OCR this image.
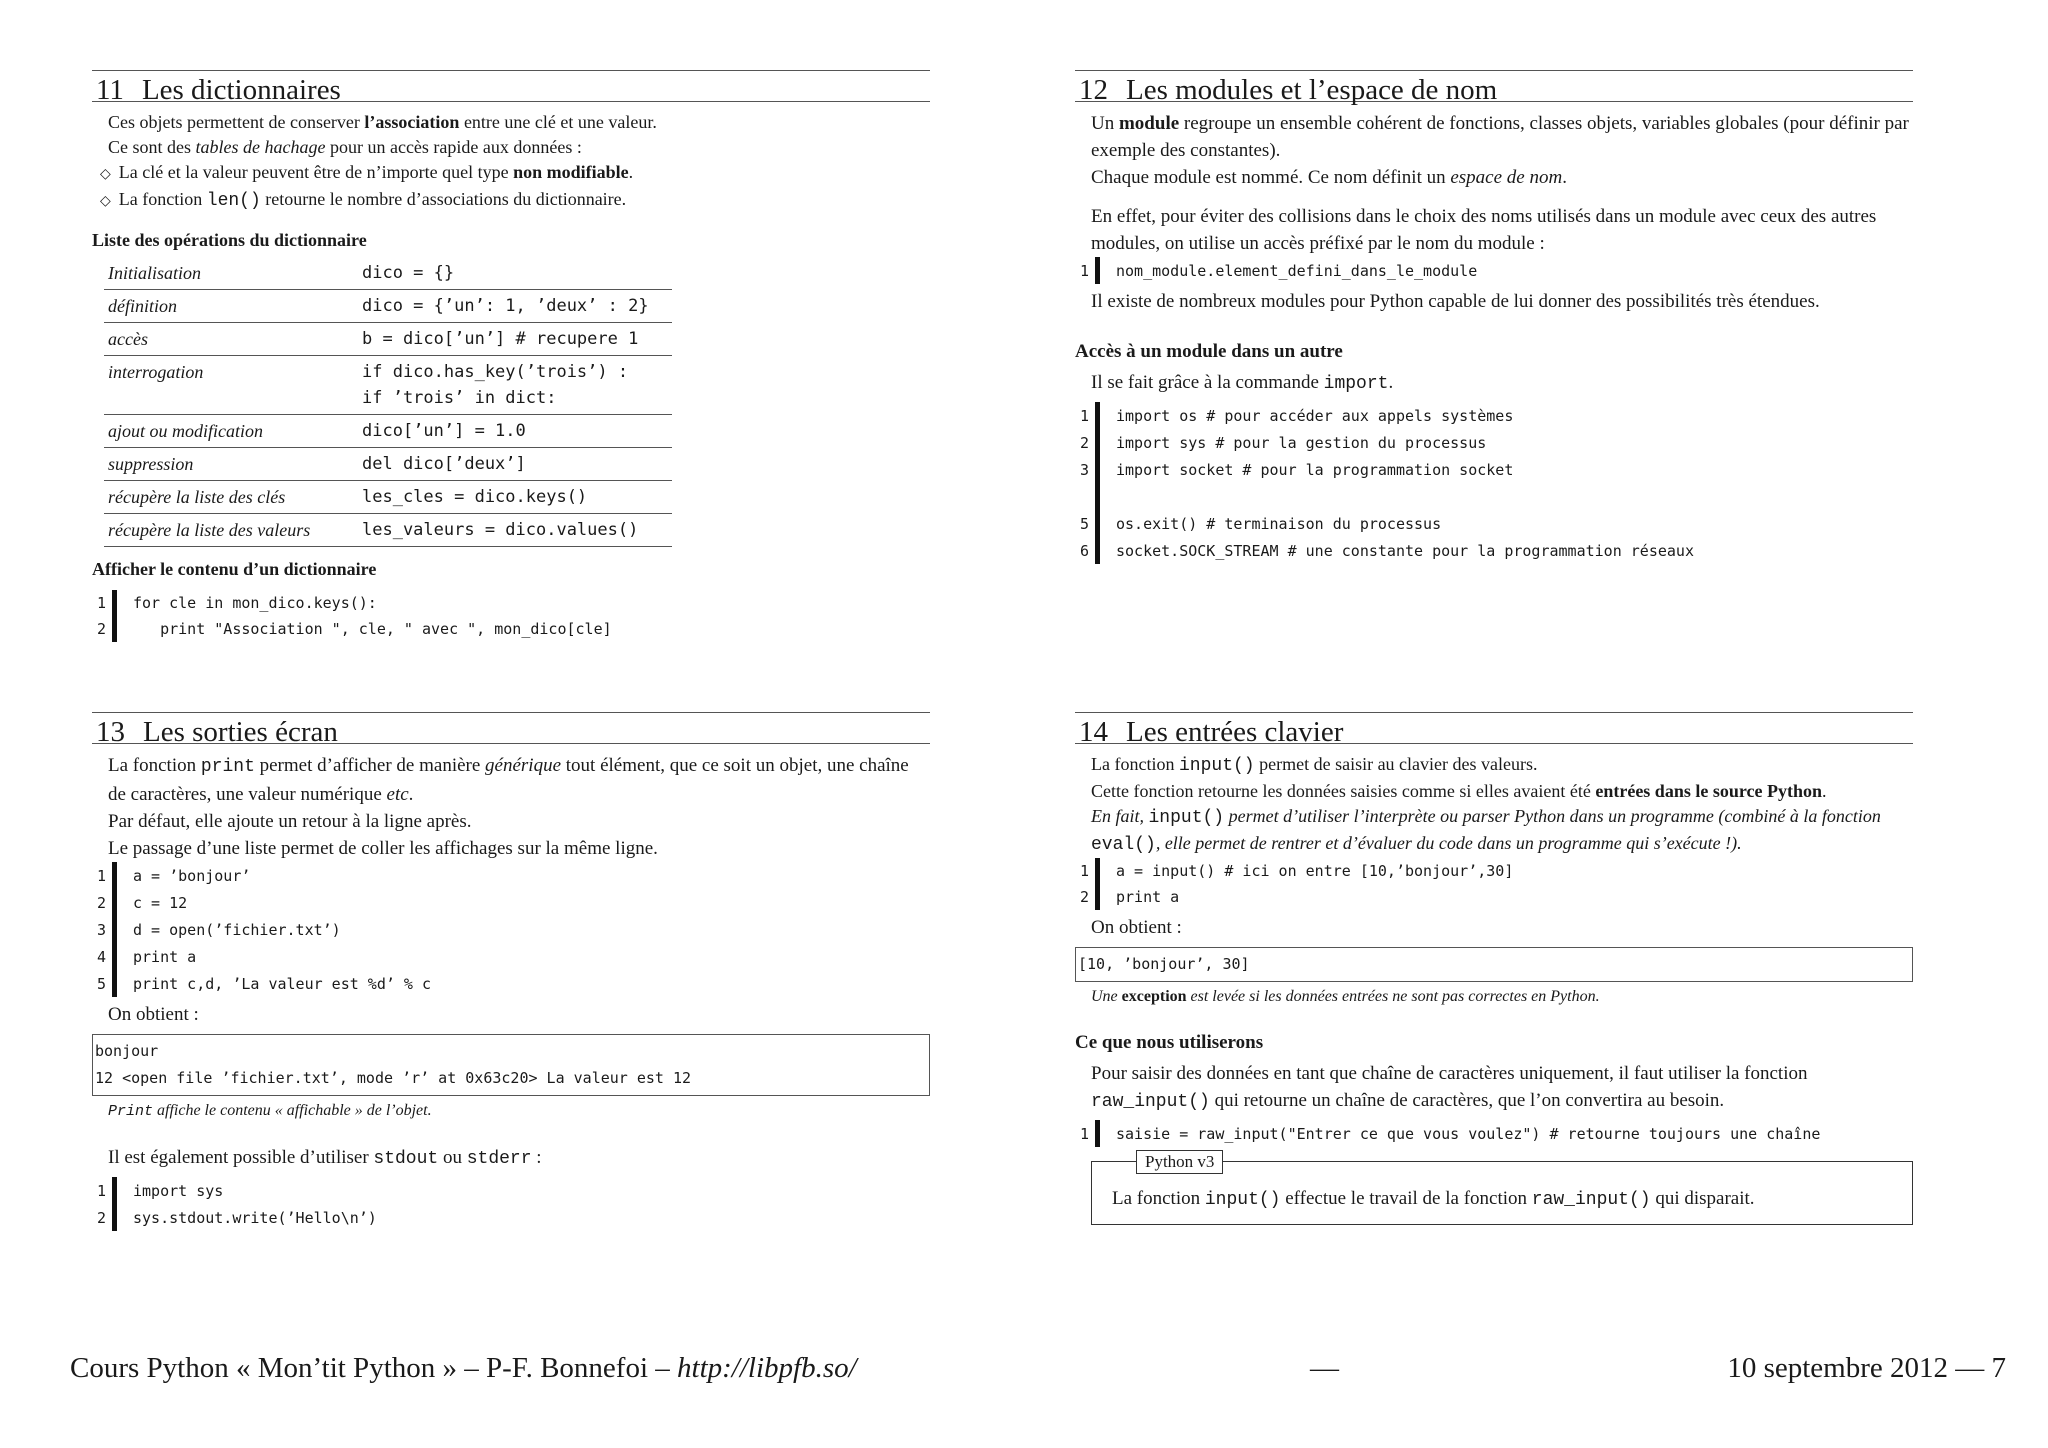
11 Les dictionnaires
Ces objets permettent de conserver l’association entre une clé et une valeur.
Ce sont des tables de hachage pour un accès rapide aux données :
◇ La clé et la valeur peuvent être de n’importe quel type non modifiable.
◇ La fonction len() retourne le nombre d’associations du dictionnaire.
Liste des opérations du dictionnaire
Initialisation	dico = {}

définition	dico = {’un’: 1, ’deux’ : 2}

accès	b = dico[’un’] # recupere 1

interrogation	if dico.has_key(’trois’) :
if ’trois’ in dict:

ajout ou modification	dico[’un’] = 1.0

suppression	del dico[’deux’]

récupère la liste des clés	les_cles = dico.keys()

récupère la liste des valeurs	les_valeurs = dico.values()
Afficher le contenu d’un dictionnaire
1 for cle in mon_dico.keys():
2 print "Association ", cle, " avec ", mon_dico[cle]
12 Les modules et l’espace de nom
Un module regroupe un ensemble cohérent de fonctions, classes objets, variables globales (pour définir par exemple des constantes).
Chaque module est nommé. Ce nom définit un espace de nom.
En effet, pour éviter des collisions dans le choix des noms utilisés dans un module avec ceux des autres modules, on utilise un accès préfixé par le nom du module :
1 nom_module.element_defini_dans_le_module
Il existe de nombreux modules pour Python capable de lui donner des possibilités très étendues.
Accès à un module dans un autre
Il se fait grâce à la commande import.
1 import os # pour accéder aux appels systèmes
2 import sys # pour la gestion du processus
3 import socket # pour la programmation socket
5 os.exit() # terminaison du processus
6 socket.SOCK_STREAM # une constante pour la programmation réseaux
13 Les sorties écran
La fonction print permet d’afficher de manière générique tout élément, que ce soit un objet, une chaîne de caractères, une valeur numérique etc.
Par défaut, elle ajoute un retour à la ligne après.
Le passage d’une liste permet de coller les affichages sur la même ligne.
1 a = ’bonjour’
2 c = 12
3 d = open(’fichier.txt’)
4 print a
5 print c,d, ’La valeur est %d’ % c
On obtient :
bonjour
12 <open file ’fichier.txt’, mode ’r’ at 0x63c20> La valeur est 12
Print affiche le contenu « affichable » de l’objet.
Il est également possible d’utiliser stdout ou stderr :
1 import sys
2 sys.stdout.write(’Hello\n’)
14 Les entrées clavier
La fonction input() permet de saisir au clavier des valeurs.
Cette fonction retourne les données saisies comme si elles avaient été entrées dans le source Python.
En fait, input() permet d’utiliser l’interprète ou parser Python dans un programme (combiné à la fonction eval(), elle permet de rentrer et d’évaluer du code dans un programme qui s’exécute !).
1 a = input() # ici on entre [10,’bonjour’,30]
2 print a
On obtient :
[10, ’bonjour’, 30]
Une exception est levée si les données entrées ne sont pas correctes en Python.
Ce que nous utiliserons
Pour saisir des données en tant que chaîne de caractères uniquement, il faut utiliser la fonction raw_input() qui retourne un chaîne de caractères, que l’on convertira au besoin.
1 saisie = raw_input("Entrer ce que vous voulez") # retourne toujours une chaîne
Python v3
La fonction input() effectue le travail de la fonction raw_input() qui disparait.
Cours Python « Mon’tit Python » – P-F. Bonnefoi – http://libpfb.so/	—	10 septembre 2012 — 7
